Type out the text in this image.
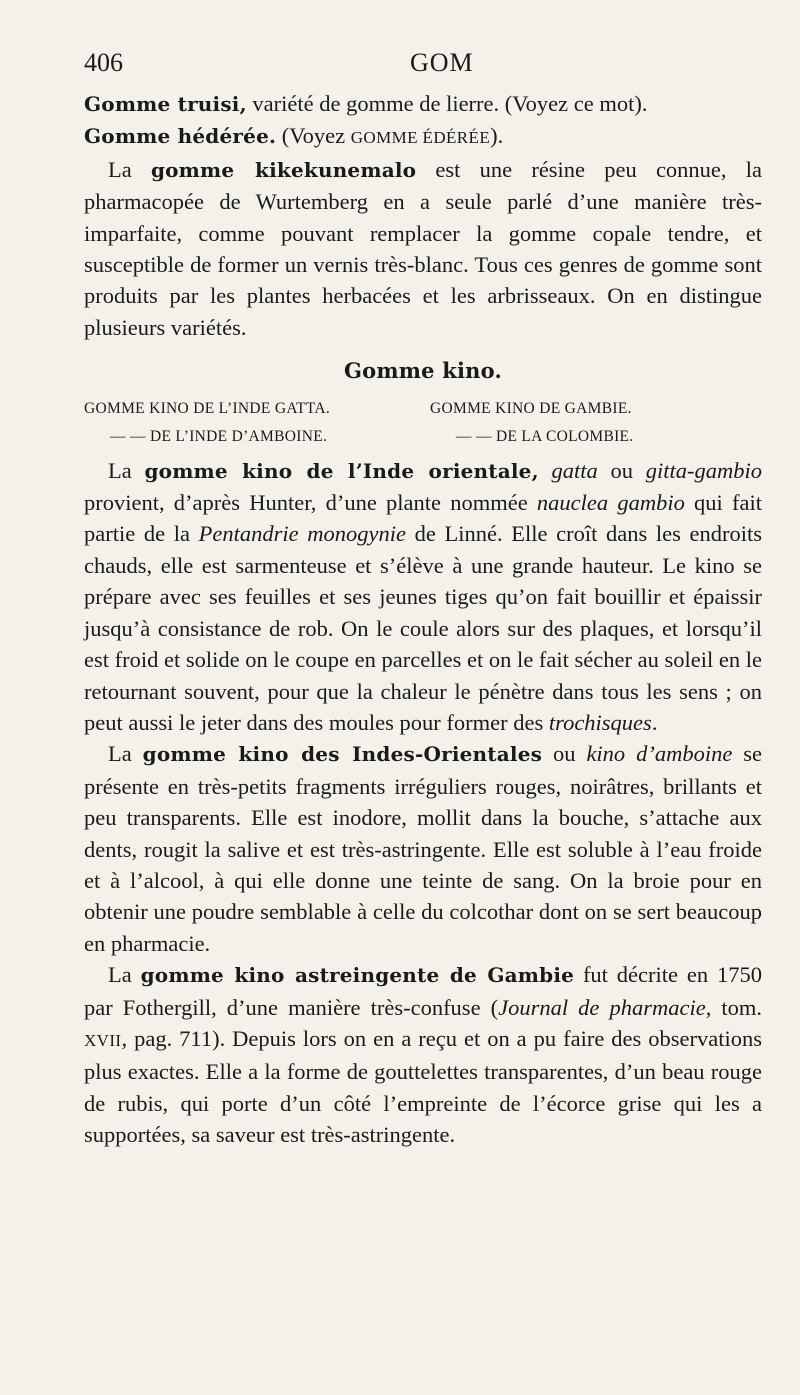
406	GOM

Gomme truisi, variété de gomme de lierre. (Voyez ce mot).

Gomme hédérée. (Voyez GOMME ÉDÉRÉE).

La gomme kikekunemalo est une résine peu connue, la pharmacopée de Wurtemberg en a seule parlé d’une manière très-imparfaite, comme pouvant remplacer la gomme copale tendre, et susceptible de former un vernis très-blanc. Tous ces genres de gomme sont produits par les plantes herbacées et les arbrisseaux. On en distingue plusieurs variétés.

Gomme kino.
GOMME KINO DE L’INDE GATTA.	GOMME KINO DE GAMBIE.
— — DE L’INDE D’AMBOINE.	— — DE LA COLOMBIE.

La gomme kino de l’Inde orientale, gatta ou gitta-gambio provient, d’après Hunter, d’une plante nommée nauclea gambio qui fait partie de la Pentandrie monogynie de Linné. Elle croît dans les endroits chauds, elle est sarmenteuse et s’élève à une grande hauteur. Le kino se prépare avec ses feuilles et ses jeunes tiges qu’on fait bouillir et épaissir jusqu’à consistance de rob. On le coule alors sur des plaques, et lorsqu’il est froid et solide on le coupe en parcelles et on le fait sécher au soleil en le retournant souvent, pour que la chaleur le pénètre dans tous les sens ; on peut aussi le jeter dans des moules pour former des trochisques.

La gomme kino des Indes-Orientales ou kino d’amboine se présente en très-petits fragments irréguliers rouges, noirâtres, brillants et peu transparents. Elle est inodore, mollit dans la bouche, s’attache aux dents, rougit la salive et est très-astringente. Elle est soluble à l’eau froide et à l’alcool, à qui elle donne une teinte de sang. On la broie pour en obtenir une poudre semblable à celle du colcothar dont on se sert beaucoup en pharmacie.

La gomme kino astreingente de Gambie fut décrite en 1750 par Fothergill, d’une manière très-confuse (Journal de pharmacie, tom. XVII, pag. 711). Depuis lors on en a reçu et on a pu faire des observations plus exactes. Elle a la forme de gouttelettes transparentes, d’un beau rouge de rubis, qui porte d’un côté l’empreinte de l’écorce grise qui les a supportées, sa saveur est très-astringente.
